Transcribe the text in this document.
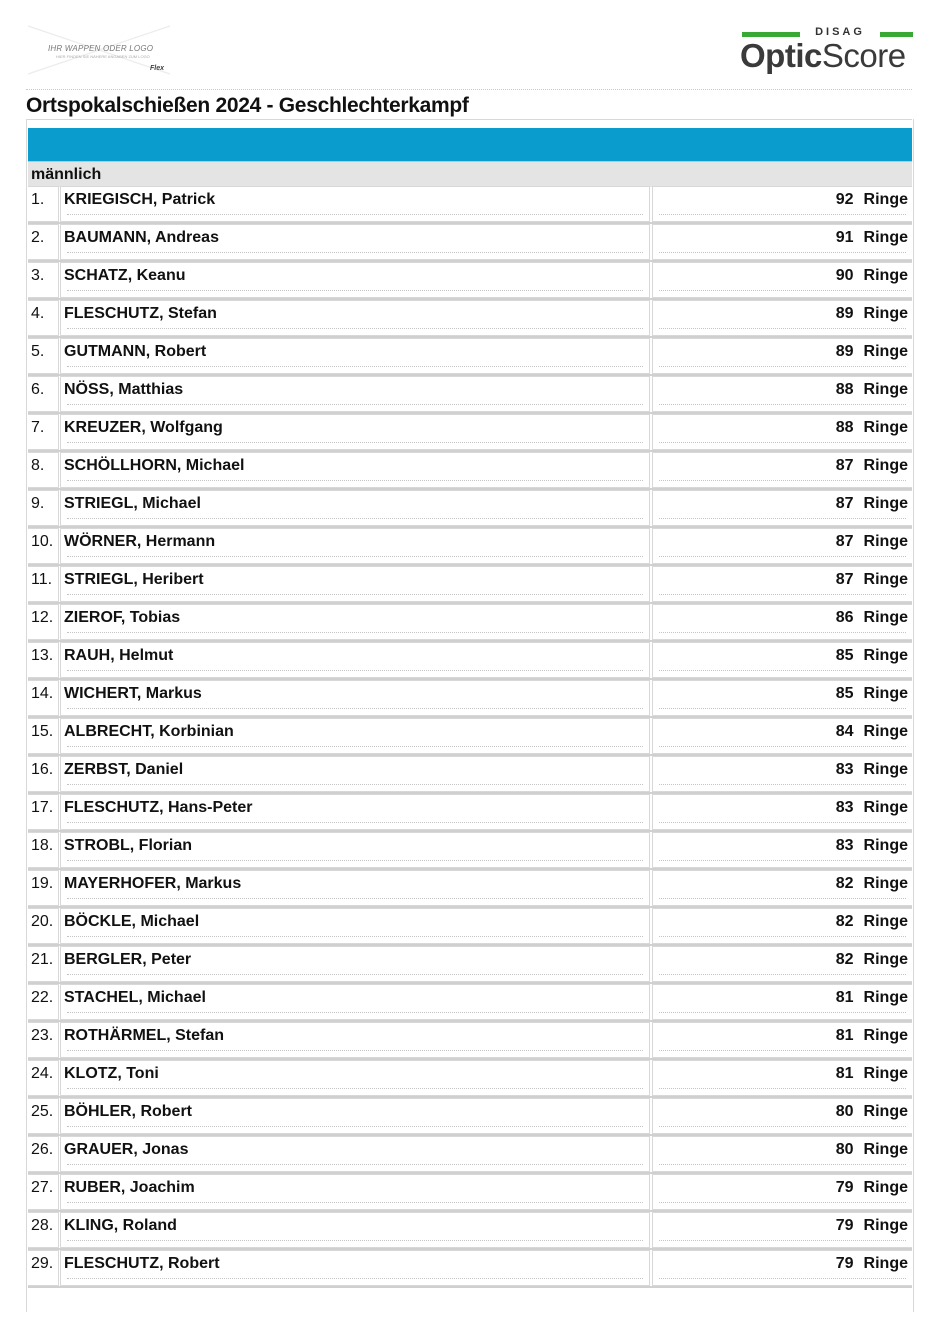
IHR WAPPEN ODER LOGO
HIER FINDEN SIE NÄHERE ANGABEN ZUM LOGO
Flex
DISAG
OpticScore
Ortspokalschießen 2024 - Geschlechterkampf
männlich
1. KRIEGISCH, Patrick	92 Ringe
2. BAUMANN, Andreas	91 Ringe
3. SCHATZ, Keanu	90 Ringe
4. FLESCHUTZ, Stefan	89 Ringe
5. GUTMANN, Robert	89 Ringe
6. NÖSS, Matthias	88 Ringe
7. KREUZER, Wolfgang	88 Ringe
8. SCHÖLLHORN, Michael	87 Ringe
9. STRIEGL, Michael	87 Ringe
10. WÖRNER, Hermann	87 Ringe
11. STRIEGL, Heribert	87 Ringe
12. ZIEROF, Tobias	86 Ringe
13. RAUH, Helmut	85 Ringe
14. WICHERT, Markus	85 Ringe
15. ALBRECHT, Korbinian	84 Ringe
16. ZERBST, Daniel	83 Ringe
17. FLESCHUTZ, Hans-Peter	83 Ringe
18. STROBL, Florian	83 Ringe
19. MAYERHOFER, Markus	82 Ringe
20. BÖCKLE, Michael	82 Ringe
21. BERGLER, Peter	82 Ringe
22. STACHEL, Michael	81 Ringe
23. ROTHÄRMEL, Stefan	81 Ringe
24. KLOTZ, Toni	81 Ringe
25. BÖHLER, Robert	80 Ringe
26. GRAUER, Jonas	80 Ringe
27. RUBER, Joachim	79 Ringe
28. KLING, Roland	79 Ringe
29. FLESCHUTZ, Robert	79 Ringe
